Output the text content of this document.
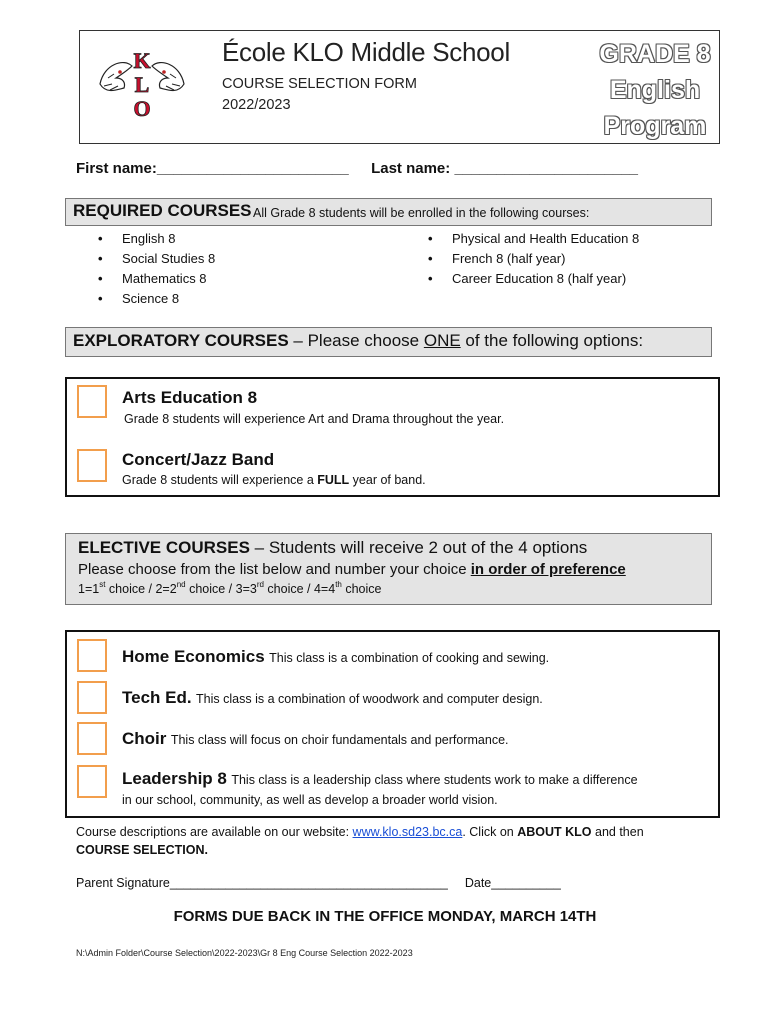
K
L
O
École KLO Middle School
COURSE SELECTION FORM
2022/2023
GRADE 8
English
Program
First name:_______________________ Last name: ______________________
REQUIRED COURSES All Grade 8 students will be enrolled in the following courses:
• English 8
• Social Studies 8
• Mathematics 8
• Science 8
• Physical and Health Education 8
• French 8 (half year)
• Career Education 8 (half year)
EXPLORATORY COURSES – Please choose ONE of the following options:
Arts Education 8
Grade 8 students will experience Art and Drama throughout the year.
Concert/Jazz Band
Grade 8 students will experience a FULL year of band.
ELECTIVE COURSES – Students will receive 2 out of the 4 options
Please choose from the list below and number your choice in order of preference
1=1st choice / 2=2nd choice / 3=3rd choice / 4=4th choice
Home Economics This class is a combination of cooking and sewing.
Tech Ed. This class is a combination of woodwork and computer design.
Choir This class will focus on choir fundamentals and performance.
Leadership 8 This class is a leadership class where students work to make a difference
in our school, community, as well as develop a broader world vision.
Course descriptions are available on our website: www.klo.sd23.bc.ca. Click on ABOUT KLO and then
COURSE SELECTION.
Parent Signature________________________________________ Date__________
FORMS DUE BACK IN THE OFFICE MONDAY, MARCH 14TH
N:\Admin Folder\Course Selection\2022-2023\Gr 8 Eng Course Selection 2022-2023
